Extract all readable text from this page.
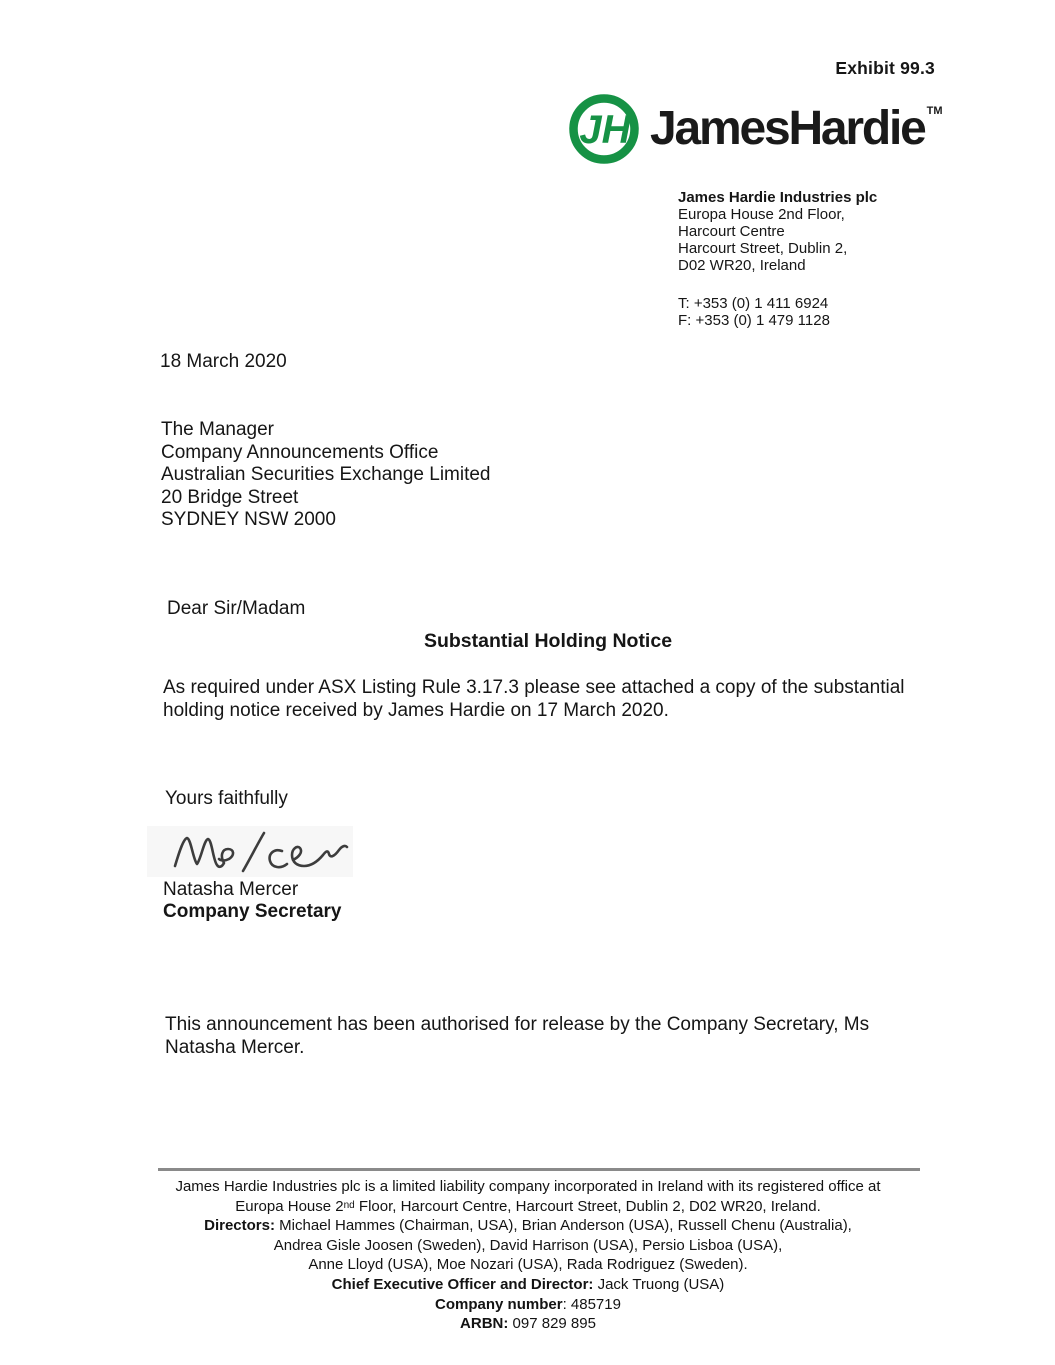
Exhibit 99.3
JH JamesHardie TM
James Hardie Industries plc
Europa House 2nd Floor,
Harcourt Centre
Harcourt Street, Dublin 2,
D02 WR20, Ireland
T: +353 (0) 1 411 6924
F: +353 (0) 1 479 1128
18 March 2020
The Manager
Company Announcements Office
Australian Securities Exchange Limited
20 Bridge Street
SYDNEY NSW 2000
Dear Sir/Madam
Substantial Holding Notice
As required under ASX Listing Rule 3.17.3 please see attached a copy of the substantial holding notice received by James Hardie on 17 March 2020.
Yours faithfully
Natasha Mercer
Company Secretary
This announcement has been authorised for release by the Company Secretary, Ms Natasha Mercer.
James Hardie Industries plc is a limited liability company incorporated in Ireland with its registered office at
Europa House 2nd Floor, Harcourt Centre, Harcourt Street, Dublin 2, D02 WR20, Ireland.
Directors: Michael Hammes (Chairman, USA), Brian Anderson (USA), Russell Chenu (Australia),
Andrea Gisle Joosen (Sweden), David Harrison (USA), Persio Lisboa (USA),
Anne Lloyd (USA), Moe Nozari (USA), Rada Rodriguez (Sweden).
Chief Executive Officer and Director: Jack Truong (USA)
Company number: 485719
ARBN: 097 829 895
